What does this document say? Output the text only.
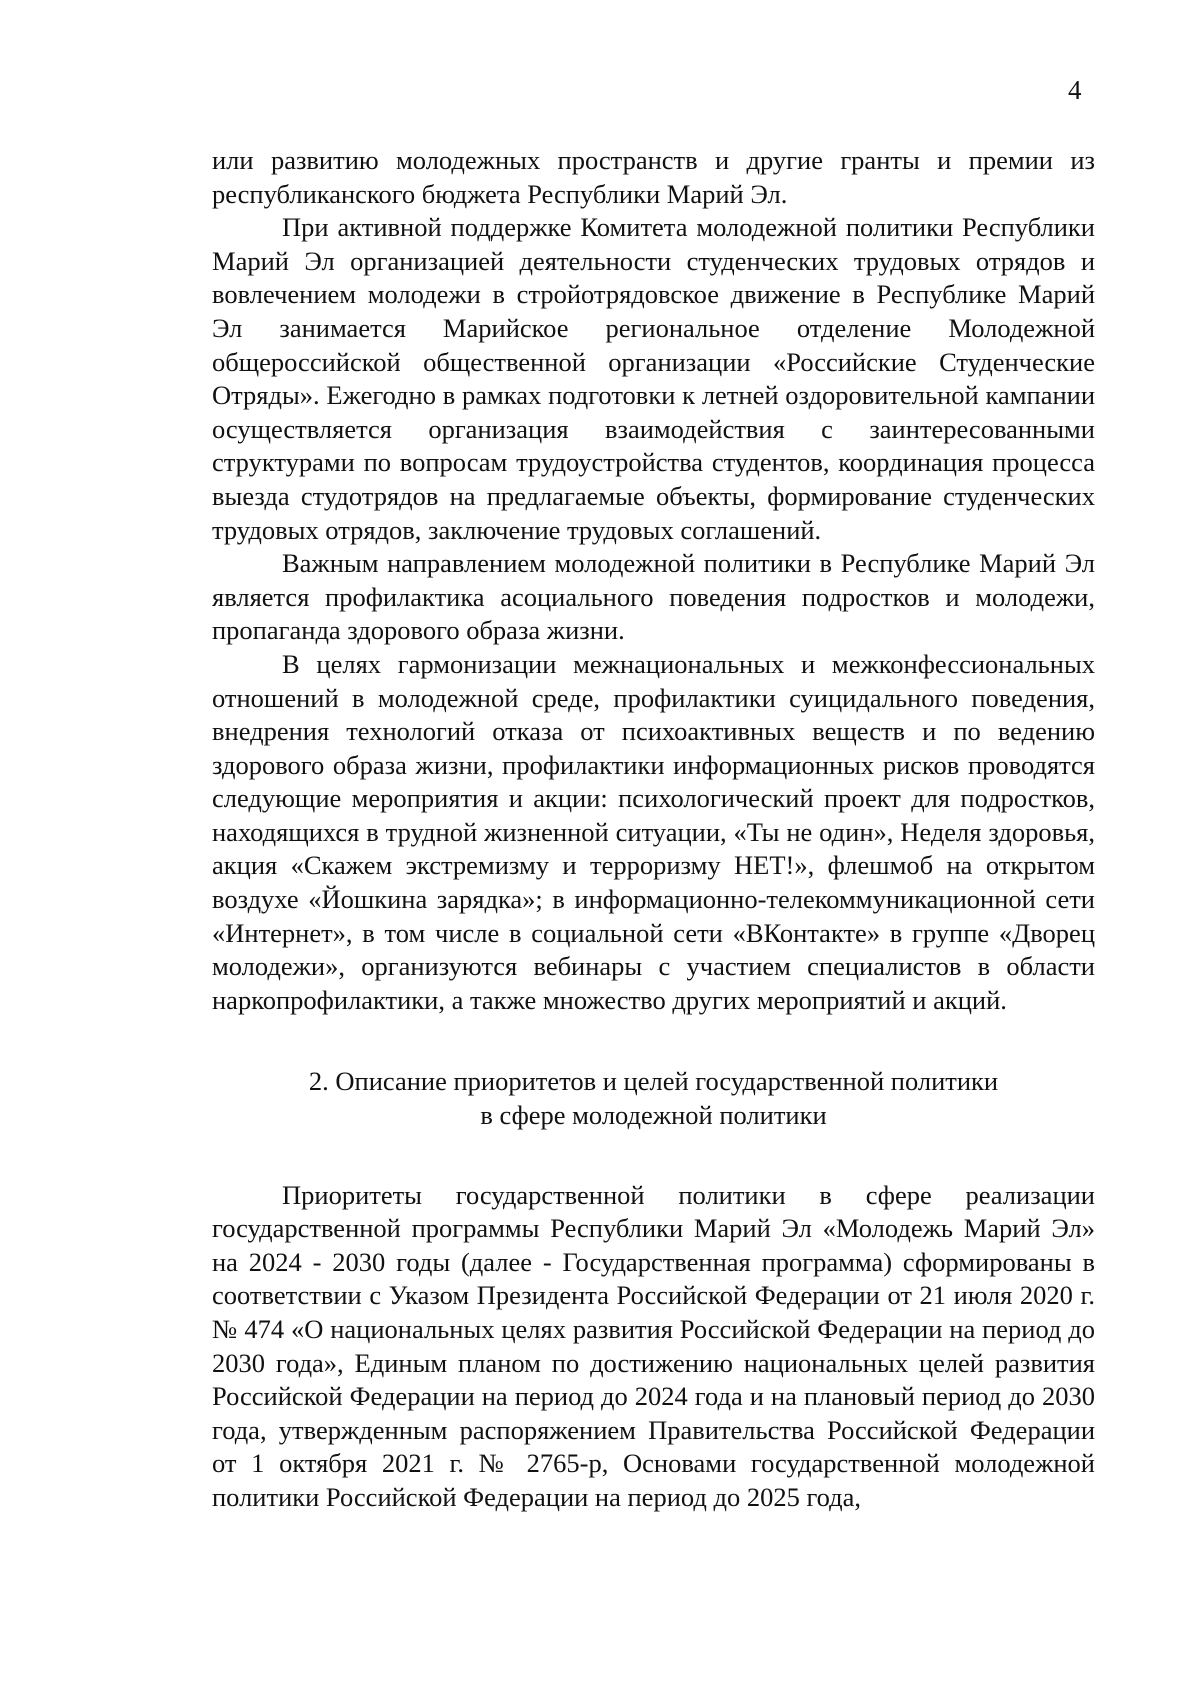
4

или развитию молодежных пространств и другие гранты и премии из республиканского бюджета Республики Марий Эл.

При активной поддержке Комитета молодежной политики Республики Марий Эл организацией деятельности студенческих трудовых отрядов и вовлечением молодежи в стройотрядовское движение в Республике Марий Эл занимается Марийское региональное отделение Молодежной общероссийской общественной организации «Российские Студенческие Отряды». Ежегодно в рамках подготовки к летней оздоровительной кампании осуществляется организация взаимодействия с заинтересованными структурами по вопросам трудоустройства студентов, координация процесса выезда студотрядов на предлагаемые объекты, формирование студенческих трудовых отрядов, заключение трудовых соглашений.

Важным направлением молодежной политики в Республике Марий Эл является профилактика асоциального поведения подростков и молодежи, пропаганда здорового образа жизни.

В целях гармонизации межнациональных и межконфессиональных отношений в молодежной среде, профилактики суицидального поведения, внедрения технологий отказа от психоактивных веществ и по ведению здорового образа жизни, профилактики информационных рисков проводятся следующие мероприятия и акции: психологический проект для подростков, находящихся в трудной жизненной ситуации, «Ты не один», Неделя здоровья, акция «Скажем экстремизму и терроризму НЕТ!», флешмоб на открытом воздухе «Йошкина зарядка»; в информационно-телекоммуникационной сети «Интернет», в том числе в социальной сети «ВКонтакте» в группе «Дворец молодежи», организуются вебинары с участием специалистов в области наркопрофилактики, а также множество других мероприятий и акций.

2. Описание приоритетов и целей государственной политики
в сфере молодежной политики

Приоритеты государственной политики в сфере реализации государственной программы Республики Марий Эл «Молодежь Марий Эл» на 2024 - 2030 годы (далее - Государственная программа) сформированы в соответствии с Указом Президента Российской Федерации от 21 июля 2020 г. № 474 «О национальных целях развития Российской Федерации на период до 2030 года», Единым планом по достижению национальных целей развития Российской Федерации на период до 2024 года и на плановый период до 2030 года, утвержденным распоряжением Правительства Российской Федерации от 1 октября 2021 г. № 2765-р, Основами государственной молодежной политики Российской Федерации на период до 2025 года,
